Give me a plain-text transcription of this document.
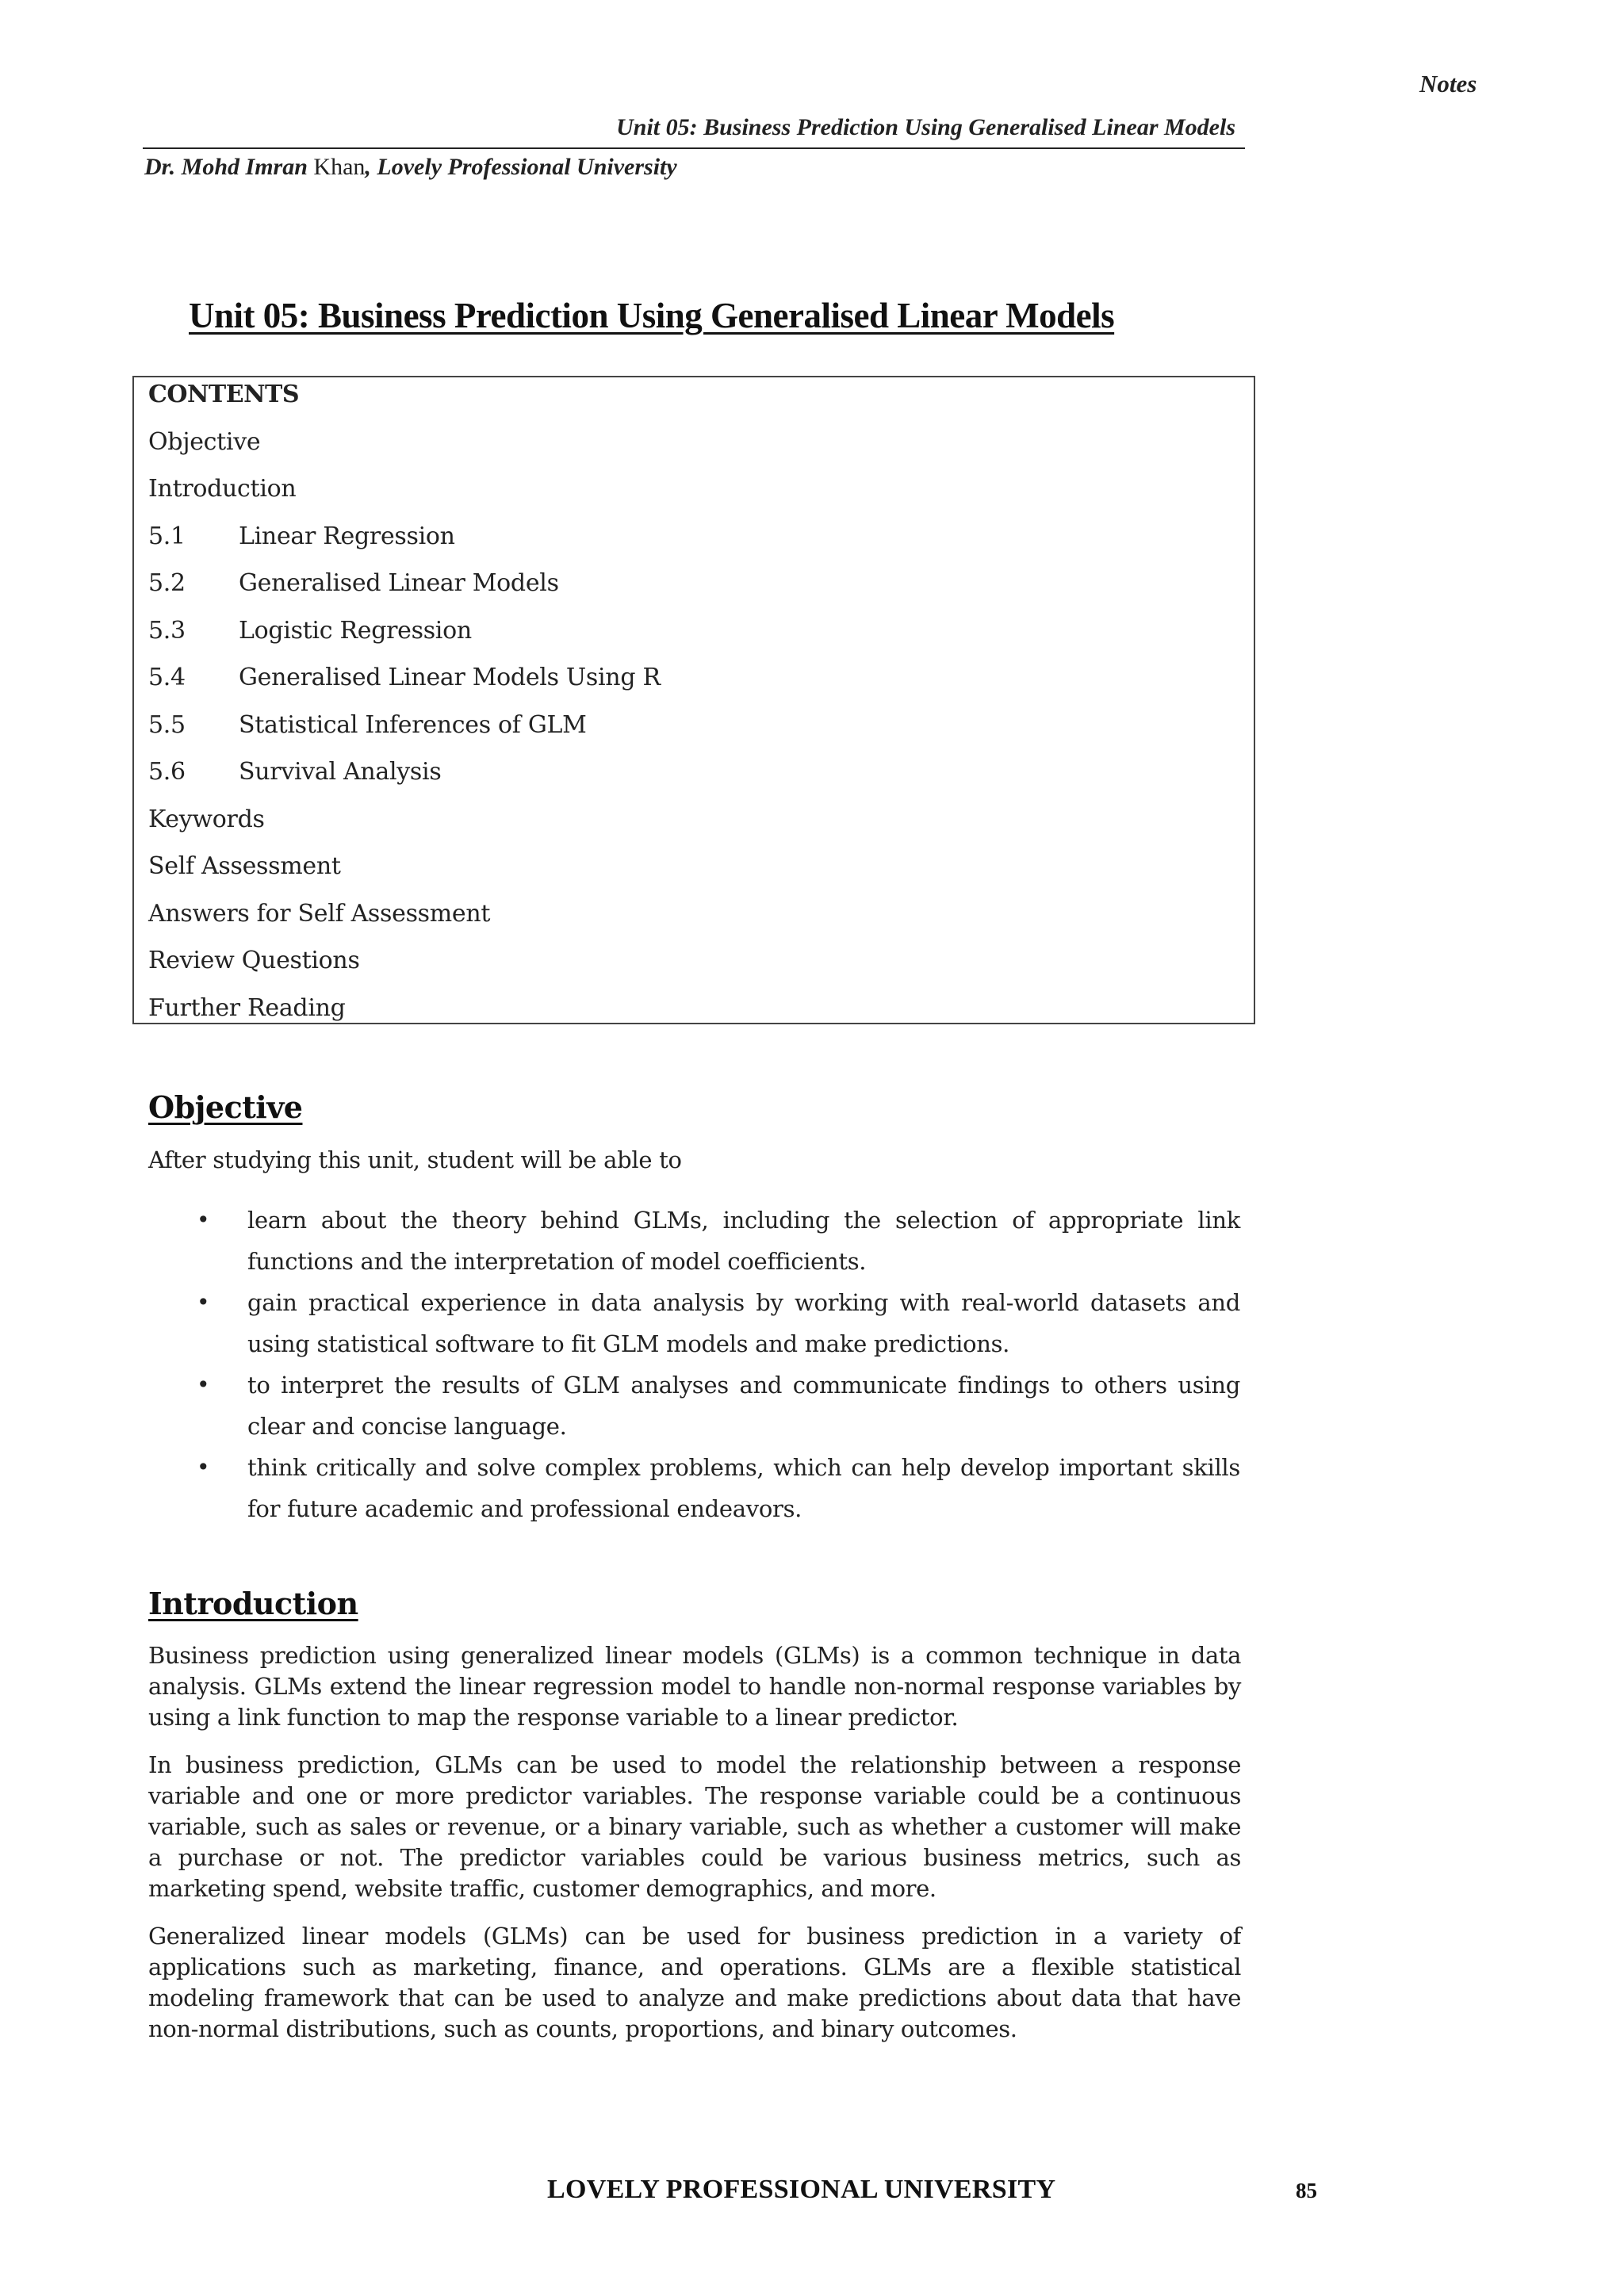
Notes
Unit 05: Business Prediction Using Generalised Linear Models
Dr. Mohd Imran Khan, Lovely Professional University
Unit 05: Business Prediction Using Generalised Linear Models
CONTENTS
Objective
Introduction
5.1 Linear Regression
5.2 Generalised Linear Models
5.3 Logistic Regression
5.4 Generalised Linear Models Using R
5.5 Statistical Inferences of GLM
5.6 Survival Analysis
Keywords
Self Assessment
Answers for Self Assessment
Review Questions
Further Reading
Objective
After studying this unit, student will be able to
• learn about the theory behind GLMs, including the selection of appropriate link functions and the interpretation of model coefficients.
• gain practical experience in data analysis by working with real-world datasets and using statistical software to fit GLM models and make predictions.
• to interpret the results of GLM analyses and communicate findings to others using clear and concise language.
• think critically and solve complex problems, which can help develop important skills for future academic and professional endeavors.
Introduction

Business prediction using generalized linear models (GLMs) is a common technique in data analysis. GLMs extend the linear regression model to handle non-normal response variables by using a link function to map the response variable to a linear predictor.

In business prediction, GLMs can be used to model the relationship between a response variable and one or more predictor variables. The response variable could be a continuous variable, such as sales or revenue, or a binary variable, such as whether a customer will make a purchase or not. The predictor variables could be various business metrics, such as marketing spend, website traffic, customer demographics, and more.

Generalized linear models (GLMs) can be used for business prediction in a variety of applications such as marketing, finance, and operations. GLMs are a flexible statistical modeling framework that can be used to analyze and make predictions about data that have non-normal distributions, such as counts, proportions, and binary outcomes.

LOVELY PROFESSIONAL UNIVERSITY	85
